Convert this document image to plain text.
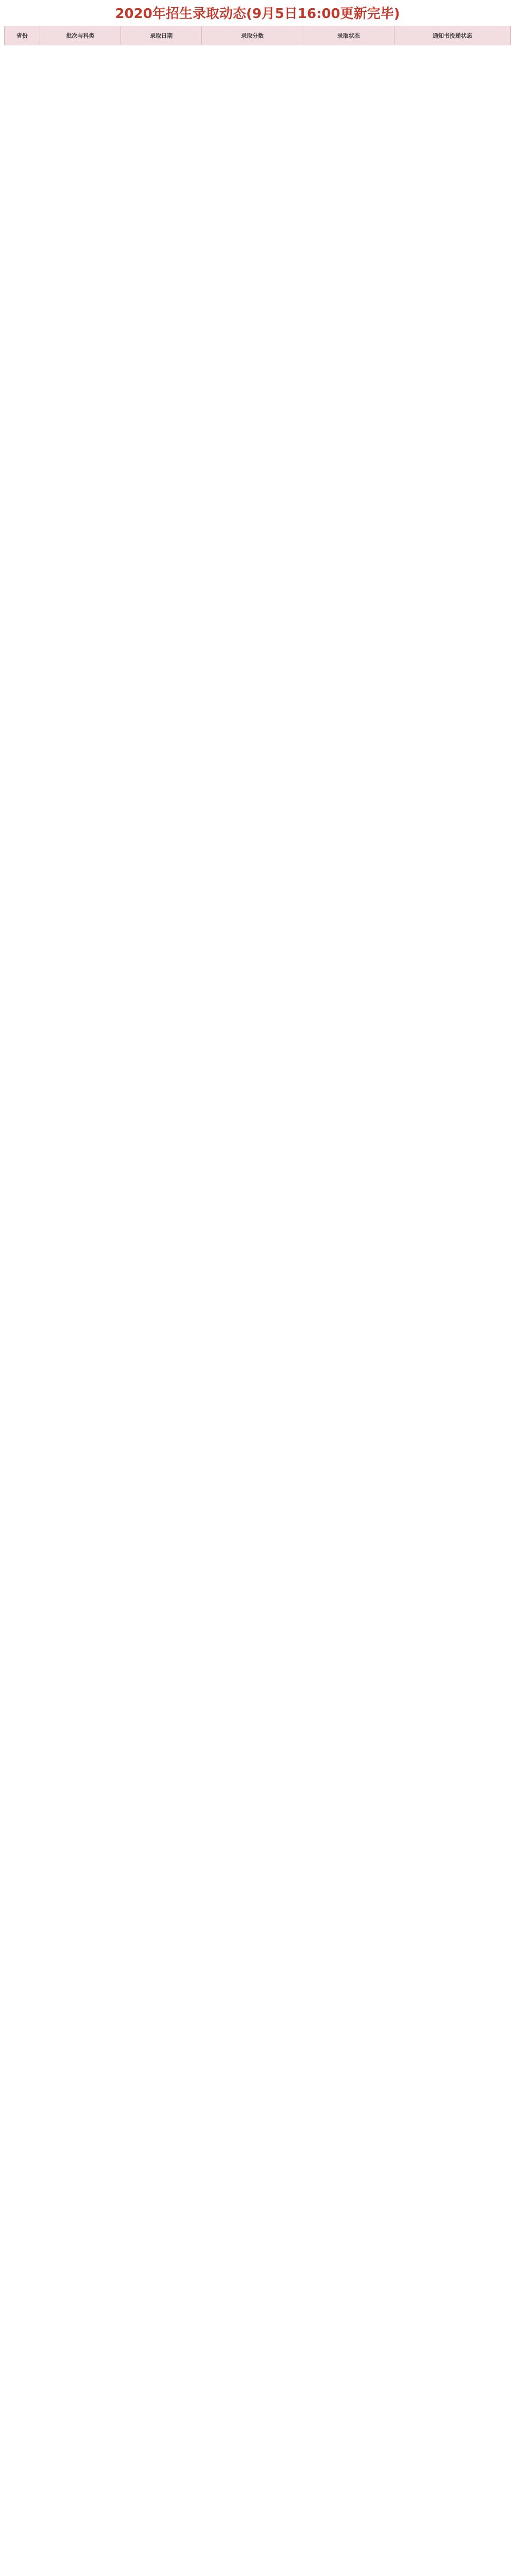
2020年招生录取动态(9月5日16:00更新完毕)
省份	批次与科类	录取日期	录取分数	录取状态	通知书投递状态
